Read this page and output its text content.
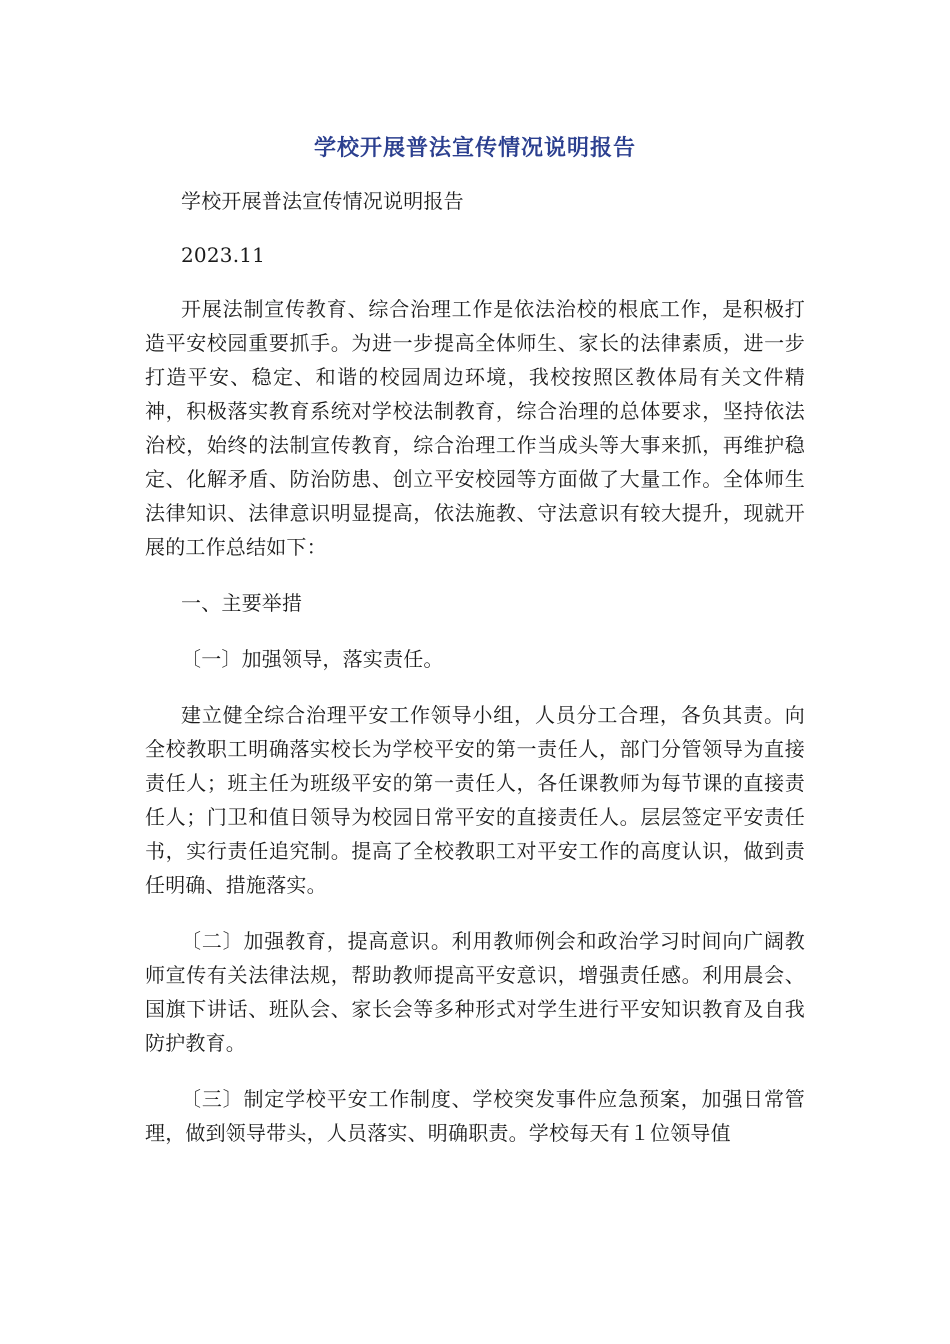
学校开展普法宣传情况说明报告

学校开展普法宣传情况说明报告

2023.11

开展法制宣传教育、综合治理工作是依法治校的根底工作，是积极打造平安校园重要抓手。为进一步提高全体师生、家长的法律素质，进一步打造平安、稳定、和谐的校园周边环境，我校按照区教体局有关文件精神，积极落实教育系统对学校法制教育，综合治理的总体要求，坚持依法治校，始终的法制宣传教育，综合治理工作当成头等大事来抓，再维护稳定、化解矛盾、防治防患、创立平安校园等方面做了大量工作。全体师生法律知识、法律意识明显提高，依法施教、守法意识有较大提升，现就开展的工作总结如下：

一、主要举措

〔一〕加强领导，落实责任。

建立健全综合治理平安工作领导小组，人员分工合理，各负其责。向全校教职工明确落实校长为学校平安的第一责任人，部门分管领导为直接责任人；班主任为班级平安的第一责任人，各任课教师为每节课的直接责任人；门卫和值日领导为校园日常平安的直接责任人。层层签定平安责任书，实行责任追究制。提高了全校教职工对平安工作的高度认识，做到责任明确、措施落实。

〔二〕加强教育，提高意识。利用教师例会和政治学习时间向广阔教师宣传有关法律法规，帮助教师提高平安意识，增强责任感。利用晨会、国旗下讲话、班队会、家长会等多种形式对学生进行平安知识教育及自我防护教育。

〔三〕制定学校平安工作制度、学校突发事件应急预案，加强日常管理，做到领导带头，人员落实、明确职责。学校每天有１位领导值
